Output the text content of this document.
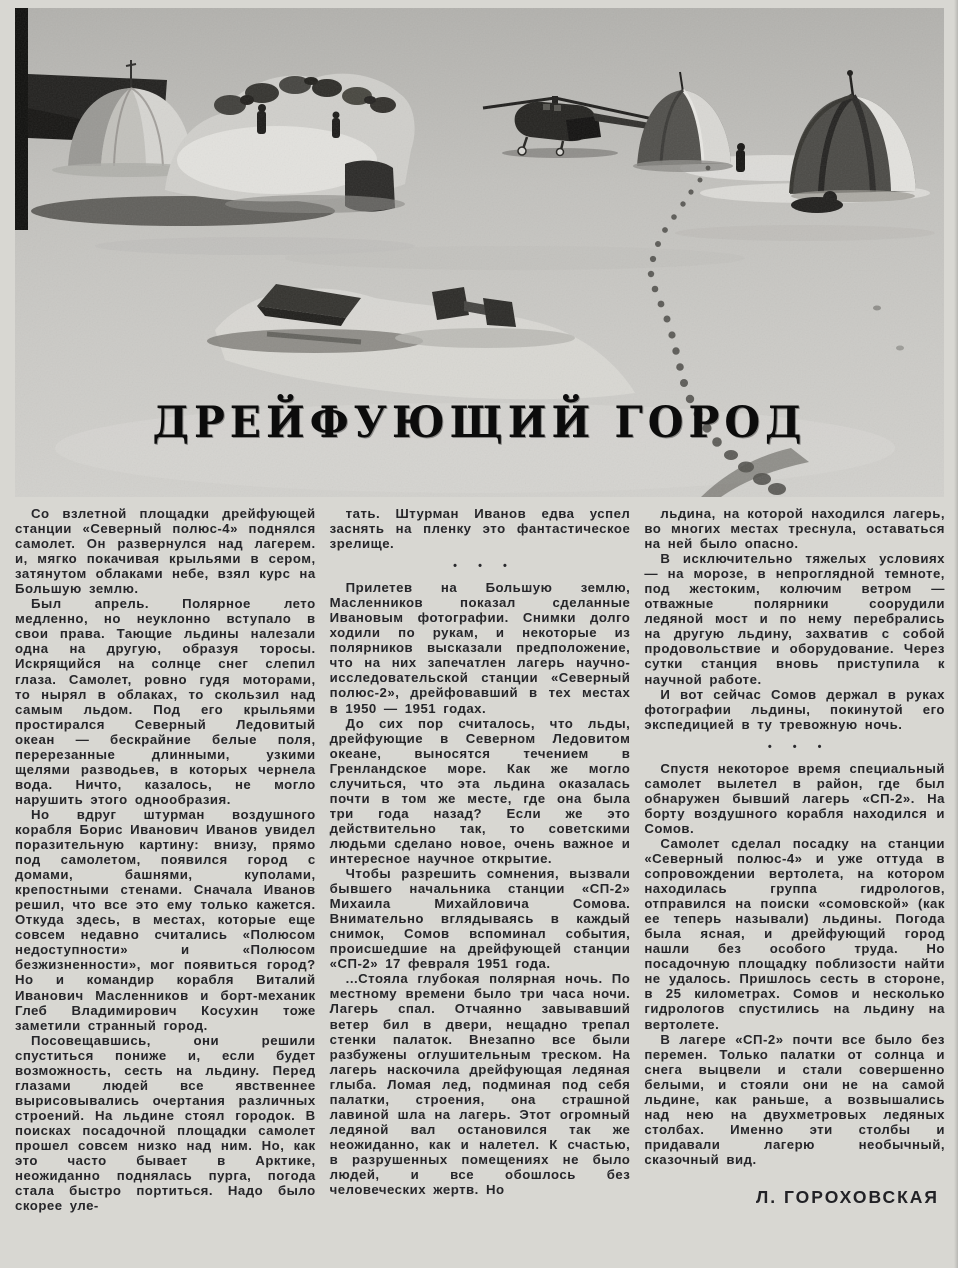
ДРЕЙФУЮЩИЙ ГОРОД

Со взлетной площадки дрейфующей станции «Северный полюс-4» поднялся самолет. Он развернулся над лагерем. и, мягко покачивая крыльями в сером, затянутом облаками небе, взял курс на Большую землю.

Был апрель. Полярное лето медленно, но неуклонно вступало в свои права. Тающие льдины налезали одна на другую, образуя торосы. Искрящийся на солнце снег слепил глаза. Самолет, ровно гудя моторами, то нырял в облаках, то скользил над самым льдом. Под его крыльями простирался Северный Ледовитый океан — бескрайние белые поля, перерезанные длинными, узкими щелями разводьев, в которых чернела вода. Ничто, казалось, не могло нарушить этого однообразия.

Но вдруг штурман воздушного корабля Борис Иванович Иванов увидел поразительную картину: внизу, прямо под самолетом, появился город с домами, башнями, куполами, крепостными стенами. Сначала Иванов решил, что все это ему только кажется. Откуда здесь, в местах, которые еще совсем недавно считались «Полюсом недоступности» и «Полюсом безжизненности», мог появиться город? Но и командир корабля Виталий Иванович Масленников и борт-механик Глеб Владимирович Косухин тоже заметили странный город.

Посовещавшись, они решили спуститься пониже и, если будет возможность, сесть на льдину. Перед глазами людей все явственнее вырисовывались очертания различных строений. На льдине стоял городок. В поисках посадочной площадки самолет прошел совсем низко над ним. Но, как это часто бывает в Арктике, неожиданно поднялась пурга, погода стала быстро портиться. Надо было скорее уле-

тать. Штурман Иванов едва успел заснять на пленку это фантастическое зрелище.

• • •

Прилетев на Большую землю, Масленников показал сделанные Ивановым фотографии. Снимки долго ходили по рукам, и некоторые из полярников высказали предположение, что на них запечатлен лагерь научно-исследовательской станции «Северный полюс-2», дрейфовавший в тех местах в 1950 — 1951 годах.

До сих пор считалось, что льды, дрейфующие в Северном Ледовитом океане, выносятся течением в Гренландское море. Как же могло случиться, что эта льдина оказалась почти в том же месте, где она была три года назад? Если же это действительно так, то советскими людьми сделано новое, очень важное и интересное научное открытие.

Чтобы разрешить сомнения, вызвали бывшего начальника станции «СП-2» Михаила Михайловича Сомова. Внимательно вглядываясь в каждый снимок, Сомов вспоминал события, происшедшие на дрейфующей станции «СП-2» 17 февраля 1951 года.

...Стояла глубокая полярная ночь. По местному времени было три часа ночи. Лагерь спал. Отчаянно завывавший ветер бил в двери, нещадно трепал стенки палаток. Внезапно все были разбужены оглушительным треском. На лагерь наскочила дрейфующая ледяная глыба. Ломая лед, подминая под себя палатки, строения, она страшной лавиной шла на лагерь. Этот огромный ледяной вал остановился так же неожиданно, как и налетел. К счастью, в разрушенных помещениях не было людей, и все обошлось без человеческих жертв. Но

льдина, на которой находился лагерь, во многих местах треснула, оставаться на ней было опасно.

В исключительно тяжелых условиях — на морозе, в непроглядной темноте, под жестоким, колючим ветром — отважные полярники соорудили ледяной мост и по нему перебрались на другую льдину, захватив с собой продовольствие и оборудование. Через сутки станция вновь приступила к научной работе.

И вот сейчас Сомов держал в руках фотографии льдины, покинутой его экспедицией в ту тревожную ночь.

• • •

Спустя некоторое время специальный самолет вылетел в район, где был обнаружен бывший лагерь «СП-2». На борту воздушного корабля находился и Сомов.

Самолет сделал посадку на станции «Северный полюс-4» и уже оттуда в сопровождении вертолета, на котором находилась группа гидрологов, отправился на поиски «сомовской» (как ее теперь называли) льдины. Погода была ясная, и дрейфующий город нашли без особого труда. Но посадочную площадку поблизости найти не удалось. Пришлось сесть в стороне, в 25 километрах. Сомов и несколько гидрологов спустились на льдину на вертолете.

В лагере «СП-2» почти все было без перемен. Только палатки от солнца и снега выцвели и стали совершенно белыми, и стояли они не на самой льдине, как раньше, а возвышались над нею на двухметровых ледяных столбах. Именно эти столбы и придавали лагерю необычный, сказочный вид.

Л. ГОРОХОВСКАЯ
